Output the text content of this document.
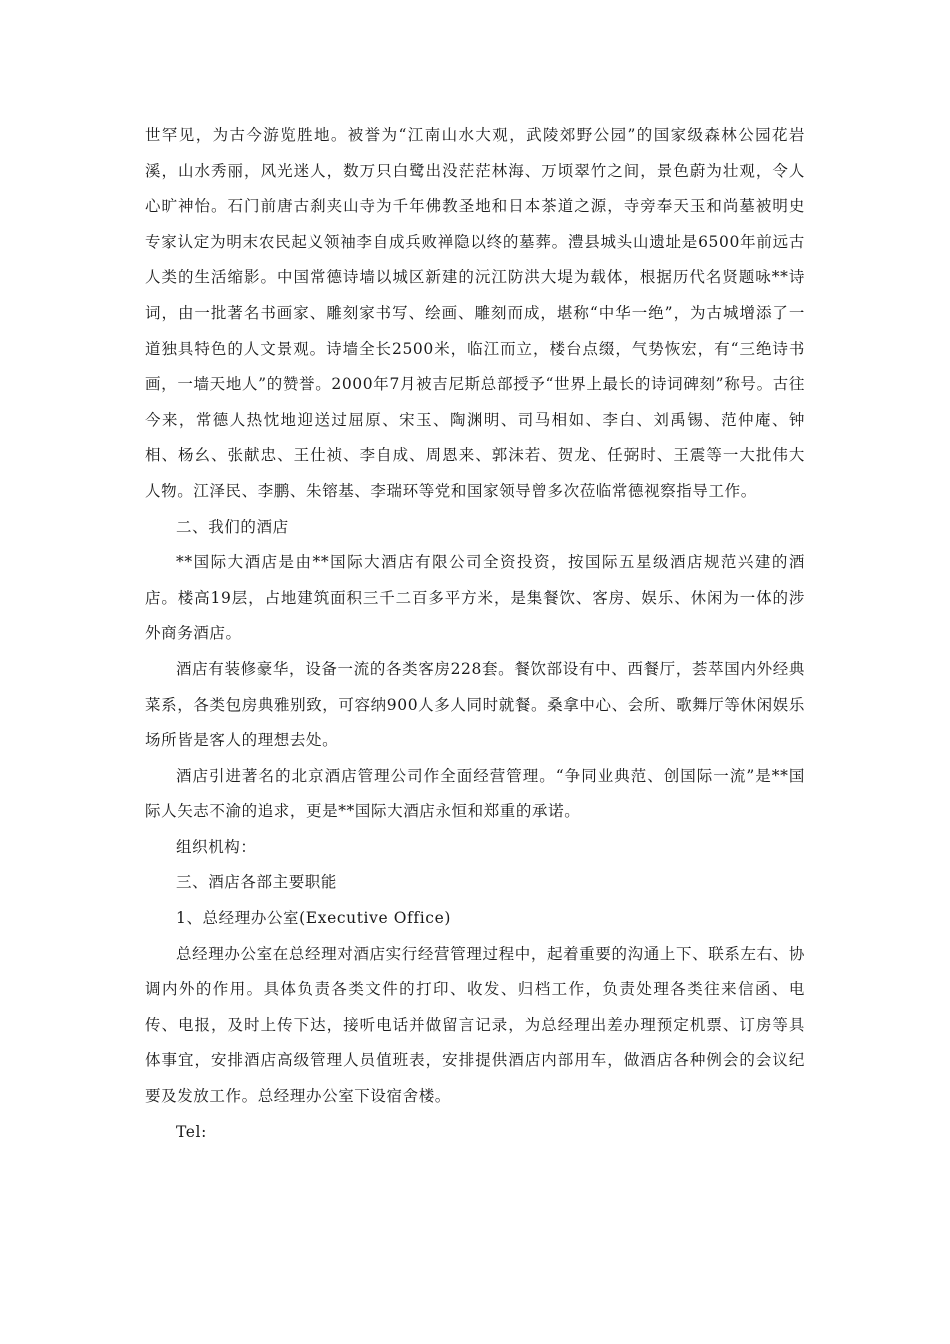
世罕见，为古今游览胜地。被誉为“江南山水大观，武陵郊野公园”的国家级森林公园花岩溪，山水秀丽，风光迷人，数万只白鹭出没茫茫林海、万顷翠竹之间，景色蔚为壮观，令人心旷神怡。石门前唐古刹夹山寺为千年佛教圣地和日本茶道之源，寺旁奉天玉和尚墓被明史专家认定为明末农民起义领袖李自成兵败禅隐以终的墓葬。澧县城头山遗址是6500年前远古人类的生活缩影。中国常德诗墙以城区新建的沅江防洪大堤为载体，根据历代名贤题咏**诗词，由一批著名书画家、雕刻家书写、绘画、雕刻而成，堪称“中华一绝”，为古城增添了一道独具特色的人文景观。诗墙全长2500米，临江而立，楼台点缀，气势恢宏，有“三绝诗书画，一墙天地人”的赞誉。2000年7月被吉尼斯总部授予“世界上最长的诗词碑刻”称号。古往今来，常德人热忱地迎送过屈原、宋玉、陶渊明、司马相如、李白、刘禹锡、范仲庵、钟相、杨幺、张献忠、王仕祯、李自成、周恩来、郭沫若、贺龙、任弼时、王震等一大批伟大人物。江泽民、李鹏、朱镕基、李瑞环等党和国家领导曾多次莅临常德视察指导工作。

二、我们的酒店

**国际大酒店是由**国际大酒店有限公司全资投资，按国际五星级酒店规范兴建的酒店。楼高19层，占地建筑面积三千二百多平方米，是集餐饮、客房、娱乐、休闲为一体的涉外商务酒店。

酒店有装修豪华，设备一流的各类客房228套。餐饮部设有中、西餐厅，荟萃国内外经典菜系，各类包房典雅别致，可容纳900人多人同时就餐。桑拿中心、会所、歌舞厅等休闲娱乐场所皆是客人的理想去处。

酒店引进著名的北京酒店管理公司作全面经营管理。“争同业典范、创国际一流”是**国际人矢志不渝的追求，更是**国际大酒店永恒和郑重的承诺。

组织机构：

三、酒店各部主要职能

1、总经理办公室(Executive Office)

总经理办公室在总经理对酒店实行经营管理过程中，起着重要的沟通上下、联系左右、协调内外的作用。具体负责各类文件的打印、收发、归档工作，负责处理各类往来信函、电传、电报，及时上传下达，接听电话并做留言记录，为总经理出差办理预定机票、订房等具体事宜，安排酒店高级管理人员值班表，安排提供酒店内部用车，做酒店各种例会的会议纪要及发放工作。总经理办公室下设宿舍楼。

Tel:
